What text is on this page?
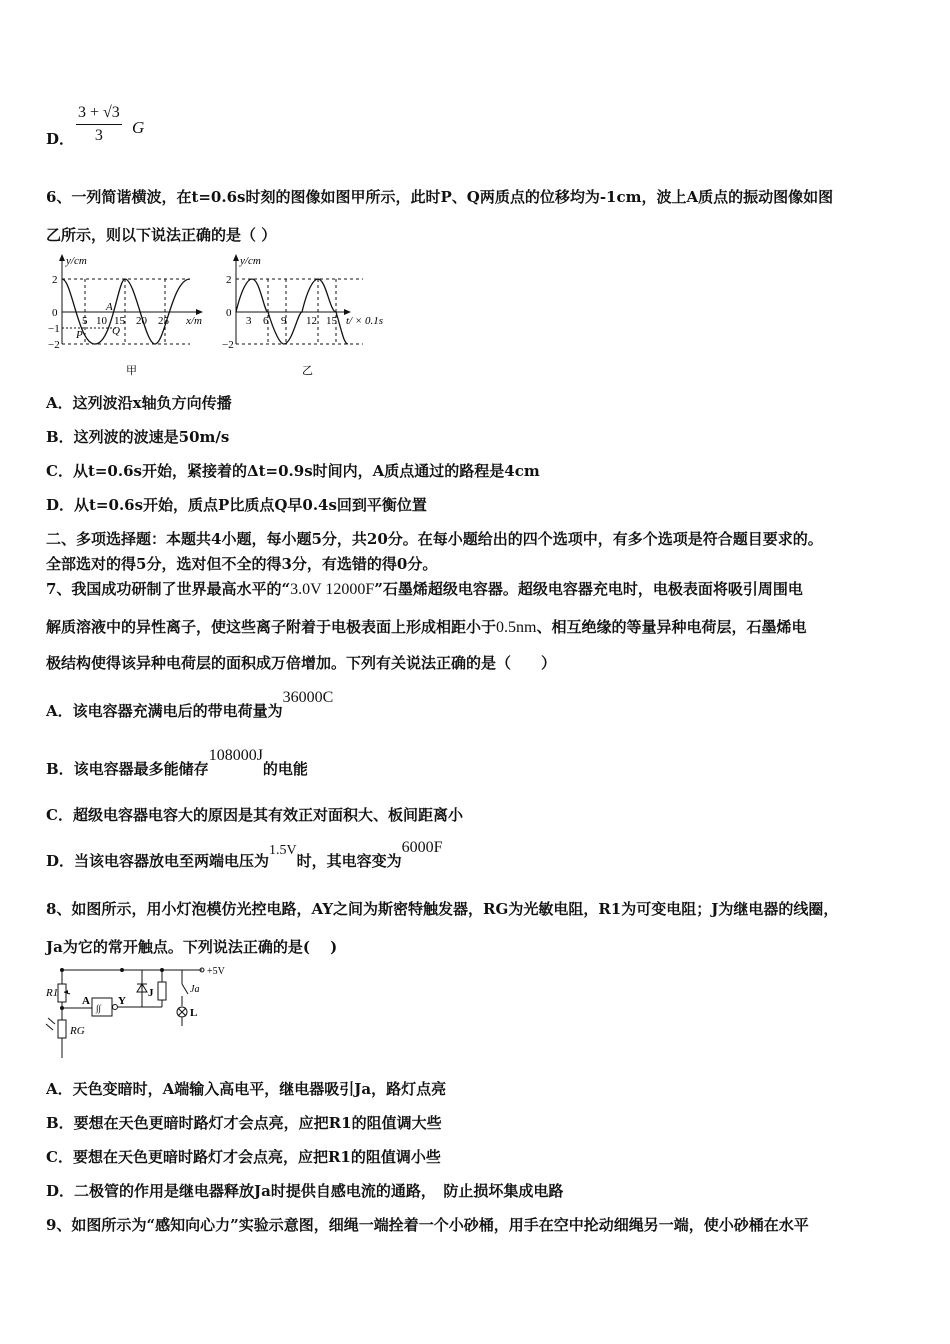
D．
3 + √3
3	G
6、一列简谐横波，在t=0.6s时刻的图像如图甲所示，此时P、Q两质点的位移均为-1cm，波上A质点的振动图像如图
乙所示，则以下说法正确的是（ ）
y/cm
2
0
−1
−2
5 10 15 20 25 x/m
A
P	Q
甲
y/cm
2
0
−2
3 6 9 12 15 t/ × 0.1s
乙
A．这列波沿x轴负方向传播
B．这列波的波速是50m/s
C．从t=0.6s开始，紧接着的Δt=0.9s时间内，A质点通过的路程是4cm
D．从t=0.6s开始，质点P比质点Q早0.4s回到平衡位置
二、多项选择题：本题共4小题，每小题5分，共20分。在每小题给出的四个选项中，有多个选项是符合题目要求的。
全部选对的得5分，选对但不全的得3分，有选错的得0分。
7、我国成功研制了世界最高水平的“3.0V 12000F”石墨烯超级电容器。超级电容器充电时，电极表面将吸引周围电
解质溶液中的异性离子，使这些离子附着于电极表面上形成相距小于0.5nm、相互绝缘的等量异种电荷层，石墨烯电
极结构使得该异种电荷层的面积成万倍增加。下列有关说法正确的是（　　）
A．该电容器充满电后的带电荷量为36000C
B．该电容器最多能储存108000J的电能
C．超级电容器电容大的原因是其有效正对面积大、板间距离小
D．当该电容器放电至两端电压为1.5V时，其电容变为6000F
8、如图所示，用小灯泡模仿光控电路，AY之间为斯密特触发器，RG为光敏电阻，R1为可变电阻；J为继电器的线圈，
Ja为它的常开触点。下列说法正确的是(　 )
+5V
R1
RG
A
∫∫
Y
J	Ja
L
A．天色变暗时，A端输入高电平，继电器吸引Ja，路灯点亮
B．要想在天色更暗时路灯才会点亮，应把R1的阻值调大些
C．要想在天色更暗时路灯才会点亮，应把R1的阻值调小些
D．二极管的作用是继电器释放Ja时提供自感电流的通路，　防止损坏集成电路
9、如图所示为“感知向心力”实验示意图，细绳一端拴着一个小砂桶，用手在空中抡动细绳另一端，使小砂桶在水平
